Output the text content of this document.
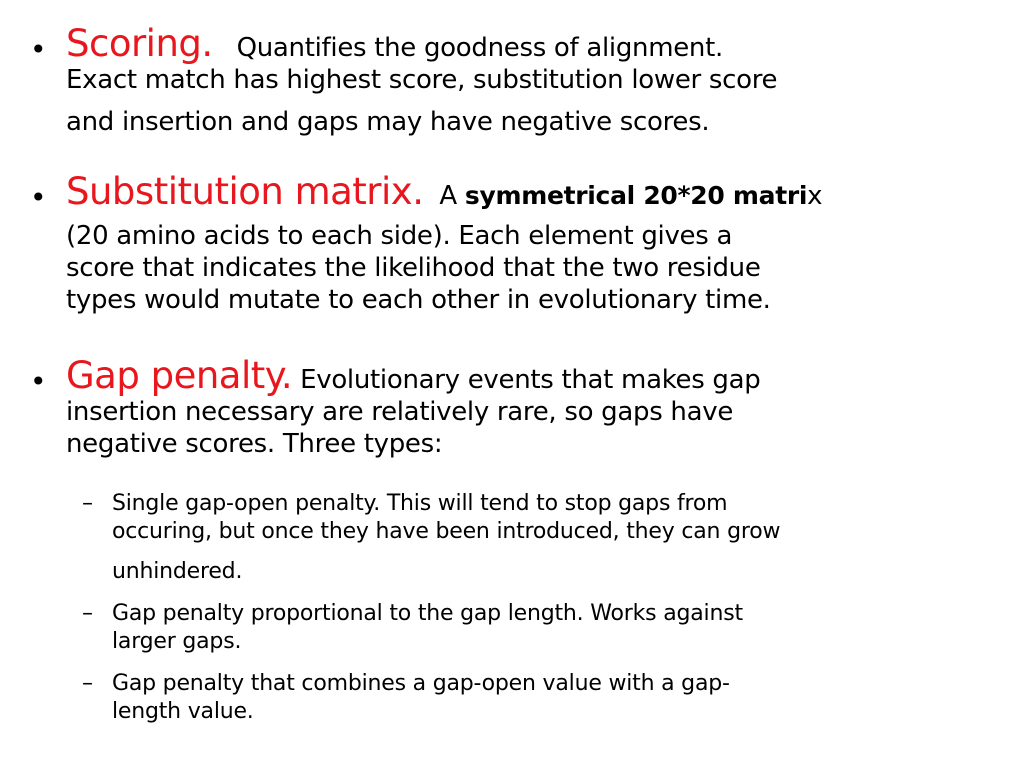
• Scoring. Quantifies the goodness of alignment.
Exact match has highest score, substitution lower score
and insertion and gaps may have negative scores.

• Substitution matrix. A symmetrical 20*20 matrix
(20 amino acids to each side). Each element gives a
score that indicates the likelihood that the two residue
types would mutate to each other in evolutionary time.

• Gap penalty. Evolutionary events that makes gap
insertion necessary are relatively rare, so gaps have
negative scores. Three types:

– Single gap-open penalty. This will tend to stop gaps from
occuring, but once they have been introduced, they can grow
unhindered.

– Gap penalty proportional to the gap length. Works against
larger gaps.

– Gap penalty that combines a gap-open value with a gap-
length value.
